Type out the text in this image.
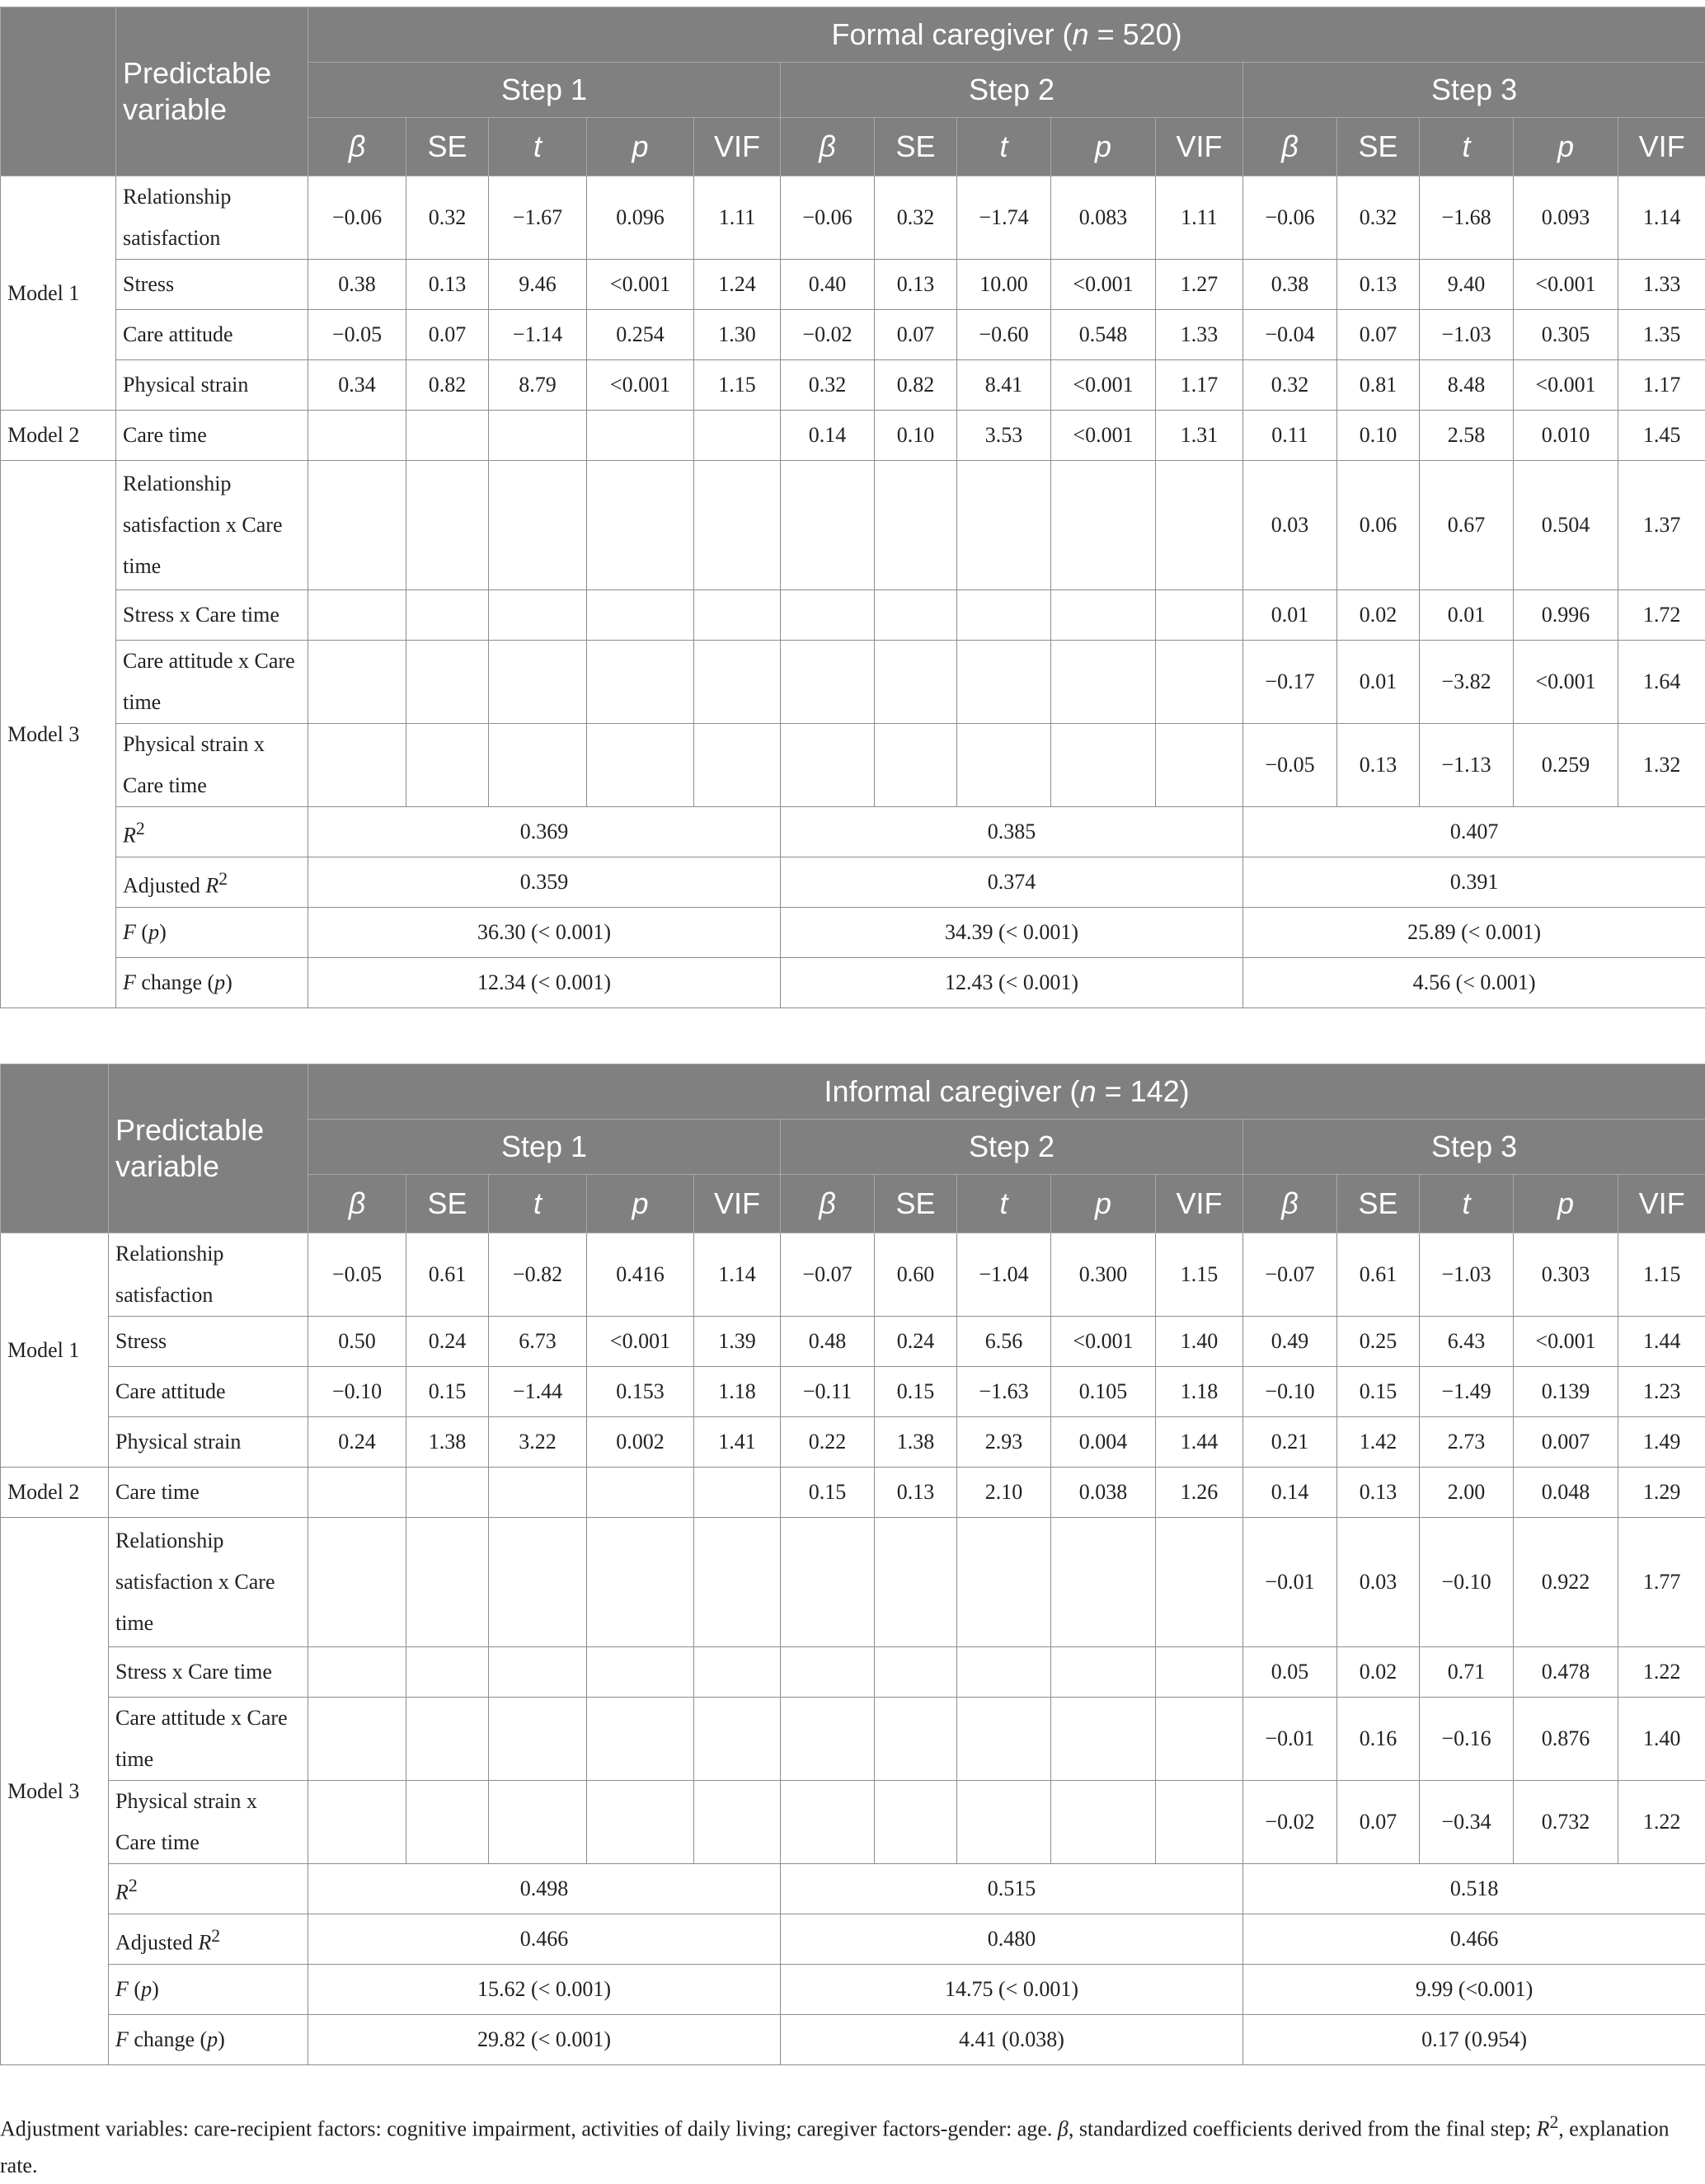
	Predictable variable	Formal caregiver (n = 520)														
		Step 1					Step 2					Step 3				
		β	SE	t	p	VIF	β	SE	t	p	VIF	β	SE	t	p	VIF
Model 1	Relationship satisfaction	−0.06	0.32	−1.67	0.096	1.11	−0.06	0.32	−1.74	0.083	1.11	−0.06	0.32	−1.68	0.093	1.14
	Stress	0.38	0.13	9.46	<0.001	1.24	0.40	0.13	10.00	<0.001	1.27	0.38	0.13	9.40	<0.001	1.33
	Care attitude	−0.05	0.07	−1.14	0.254	1.30	−0.02	0.07	−0.60	0.548	1.33	−0.04	0.07	−1.03	0.305	1.35
	Physical strain	0.34	0.82	8.79	<0.001	1.15	0.32	0.82	8.41	<0.001	1.17	0.32	0.81	8.48	<0.001	1.17
Model 2	Care time						0.14	0.10	3.53	<0.001	1.31	0.11	0.10	2.58	0.010	1.45
Model 3	Relationship satisfaction x Care time											0.03	0.06	0.67	0.504	1.37
	Stress x Care time											0.01	0.02	0.01	0.996	1.72
	Care attitude x Care time											−0.17	0.01	−3.82	<0.001	1.64
	Physical strain x Care time											−0.05	0.13	−1.13	0.259	1.32
	$R^2$	0.369					0.385					0.407				
	Adjusted $R^2$	0.359					0.374					0.391				
	F (p)	36.30 (< 0.001)					34.39 (< 0.001)					25.89 (< 0.001)				
	F change (p)	12.34 (< 0.001)					12.43 (< 0.001)					4.56 (< 0.001)				
	Predictable variable	Informal caregiver (n = 142)														
		Step 1					Step 2					Step 3				
		β	SE	t	p	VIF	β	SE	t	p	VIF	β	SE	t	p	VIF
Model 1	Relationship satisfaction	−0.05	0.61	−0.82	0.416	1.14	−0.07	0.60	−1.04	0.300	1.15	−0.07	0.61	−1.03	0.303	1.15
	Stress	0.50	0.24	6.73	<0.001	1.39	0.48	0.24	6.56	<0.001	1.40	0.49	0.25	6.43	<0.001	1.44
	Care attitude	−0.10	0.15	−1.44	0.153	1.18	−0.11	0.15	−1.63	0.105	1.18	−0.10	0.15	−1.49	0.139	1.23
	Physical strain	0.24	1.38	3.22	0.002	1.41	0.22	1.38	2.93	0.004	1.44	0.21	1.42	2.73	0.007	1.49
Model 2	Care time						0.15	0.13	2.10	0.038	1.26	0.14	0.13	2.00	0.048	1.29
Model 3	Relationship satisfaction x Care time											−0.01	0.03	−0.10	0.922	1.77
	Stress x Care time											0.05	0.02	0.71	0.478	1.22
	Care attitude x Care time											−0.01	0.16	−0.16	0.876	1.40
	Physical strain x Care time											−0.02	0.07	−0.34	0.732	1.22
	$R^2$	0.498					0.515					0.518				
	Adjusted $R^2$	0.466					0.480					0.466				
	F (p)	15.62 (< 0.001)					14.75 (< 0.001)					9.99 (<0.001)				
	F change (p)	29.82 (< 0.001)					4.41 (0.038)					0.17 (0.954)				
Adjustment variables: care-recipient factors: cognitive impairment, activities of daily living; caregiver factors-gender: age. β, standardized coefficients derived from the final step; $R^2$, explanation rate.
